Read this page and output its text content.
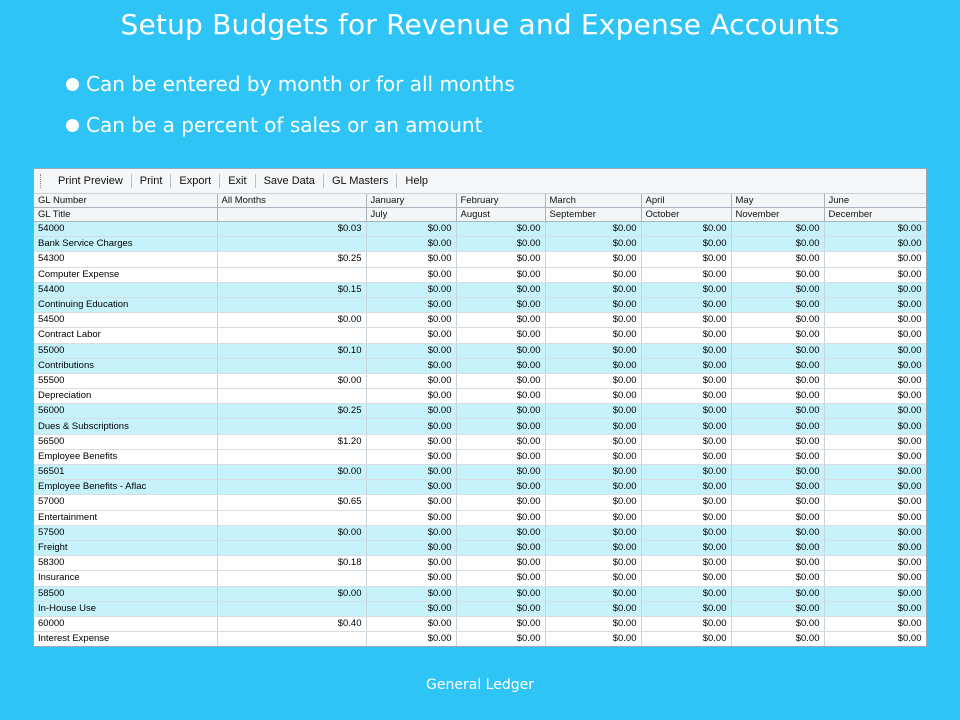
Setup Budgets for Revenue and Expense Accounts
Can be entered by month or for all months
Can be a percent of sales or an amount
Print Preview	Print	Export	Exit	Save Data	GL Masters	Help
GL Number	All Months	January	February	March	April	May	June
GL Title		July	August	September	October	November	December
54000	$0.03	$0.00	$0.00	$0.00	$0.00	$0.00	$0.00
Bank Service Charges		$0.00	$0.00	$0.00	$0.00	$0.00	$0.00
54300	$0.25	$0.00	$0.00	$0.00	$0.00	$0.00	$0.00
Computer Expense		$0.00	$0.00	$0.00	$0.00	$0.00	$0.00
54400	$0.15	$0.00	$0.00	$0.00	$0.00	$0.00	$0.00
Continuing Education		$0.00	$0.00	$0.00	$0.00	$0.00	$0.00
54500	$0.00	$0.00	$0.00	$0.00	$0.00	$0.00	$0.00
Contract Labor		$0.00	$0.00	$0.00	$0.00	$0.00	$0.00
55000	$0.10	$0.00	$0.00	$0.00	$0.00	$0.00	$0.00
Contributions		$0.00	$0.00	$0.00	$0.00	$0.00	$0.00
55500	$0.00	$0.00	$0.00	$0.00	$0.00	$0.00	$0.00
Depreciation		$0.00	$0.00	$0.00	$0.00	$0.00	$0.00
56000	$0.25	$0.00	$0.00	$0.00	$0.00	$0.00	$0.00
Dues & Subscriptions		$0.00	$0.00	$0.00	$0.00	$0.00	$0.00
56500	$1.20	$0.00	$0.00	$0.00	$0.00	$0.00	$0.00
Employee Benefits		$0.00	$0.00	$0.00	$0.00	$0.00	$0.00
56501	$0.00	$0.00	$0.00	$0.00	$0.00	$0.00	$0.00
Employee Benefits - Aflac		$0.00	$0.00	$0.00	$0.00	$0.00	$0.00
57000	$0.65	$0.00	$0.00	$0.00	$0.00	$0.00	$0.00
Entertainment		$0.00	$0.00	$0.00	$0.00	$0.00	$0.00
57500	$0.00	$0.00	$0.00	$0.00	$0.00	$0.00	$0.00
Freight		$0.00	$0.00	$0.00	$0.00	$0.00	$0.00
58300	$0.18	$0.00	$0.00	$0.00	$0.00	$0.00	$0.00
Insurance		$0.00	$0.00	$0.00	$0.00	$0.00	$0.00
58500	$0.00	$0.00	$0.00	$0.00	$0.00	$0.00	$0.00
In-House Use		$0.00	$0.00	$0.00	$0.00	$0.00	$0.00
60000	$0.40	$0.00	$0.00	$0.00	$0.00	$0.00	$0.00
Interest Expense		$0.00	$0.00	$0.00	$0.00	$0.00	$0.00
General Ledger
